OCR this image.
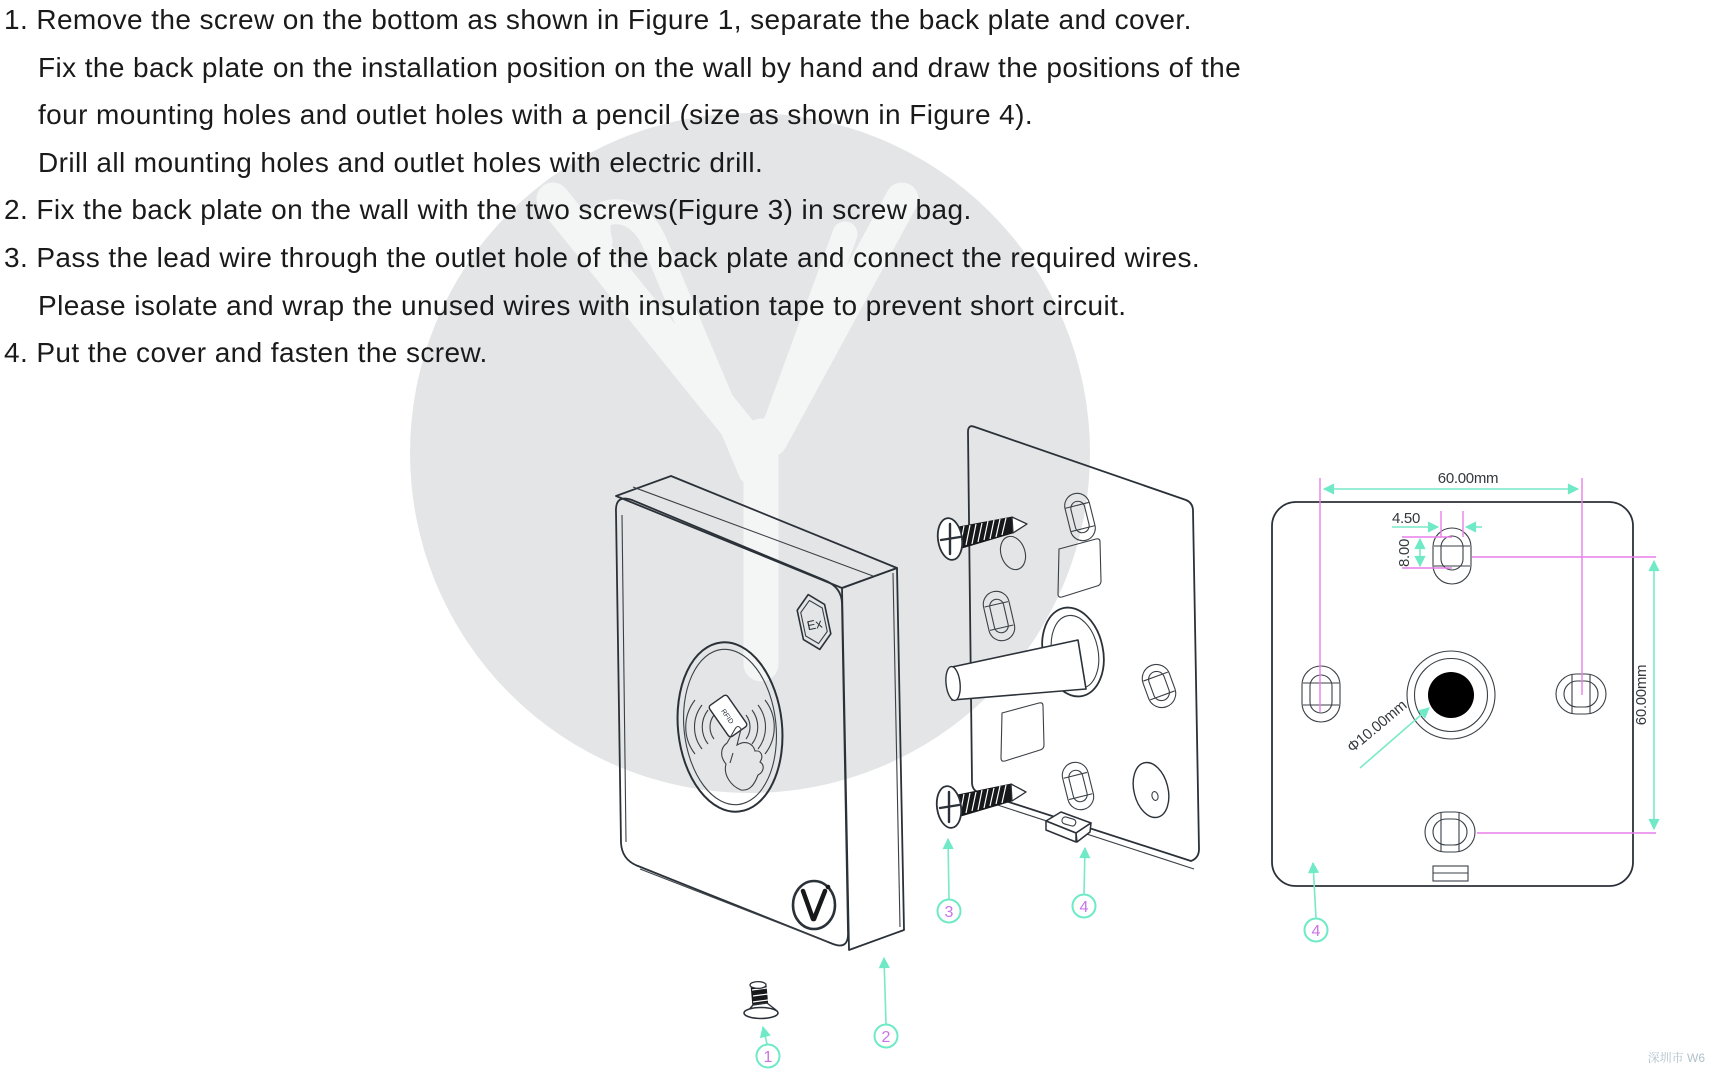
RFID
Ex
1
2
3	4
60.00mm
4.50
8.00
Φ10.00mm
60.00mm
4
1. Remove the screw on the bottom as shown in Figure 1, separate the back plate and cover.
Fix the back plate on the installation position on the wall by hand and draw the positions of the
four mounting holes and outlet holes with a pencil (size as shown in Figure 4).
Drill all mounting holes and outlet holes with electric drill.
2. Fix the back plate on the wall with the two screws(Figure 3) in screw bag.
3. Pass the lead wire through the outlet hole of the back plate and connect the required wires.
Please isolate and wrap the unused wires with insulation tape to prevent short circuit.
4. Put the cover and fasten the screw.
深圳市 W6
